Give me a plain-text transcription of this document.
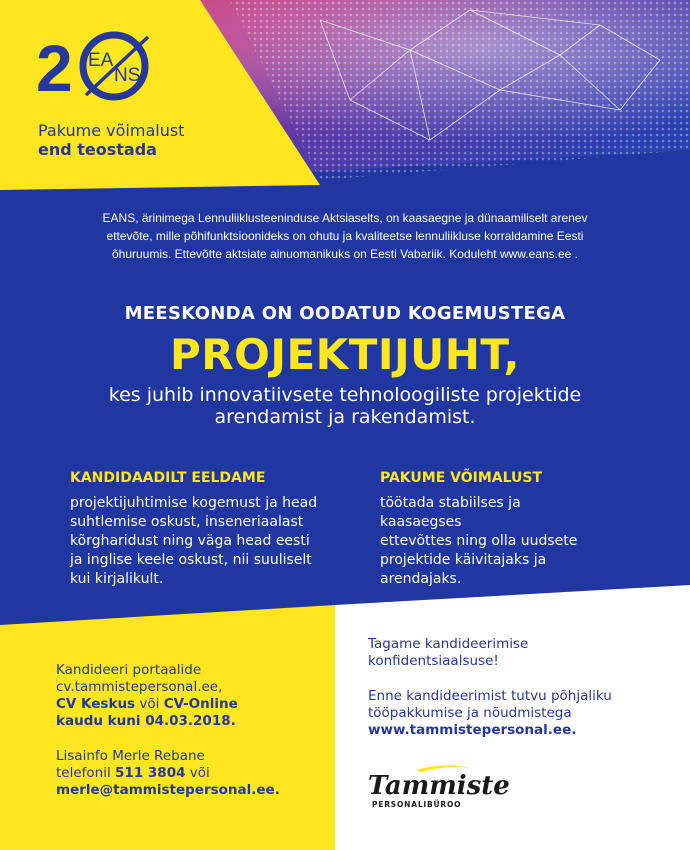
2 EA
NS
Pakume võimalust
end teostada
EANS, ärinimega Lennuliiklusteeninduse Aktsiaselts, on kaasaegne ja dünaamiliselt arenev
ettevõte, mille põhifunktsioonideks on ohutu ja kvaliteetse lennuliikluse korraldamine Eesti
õhuruumis. Ettevõtte aktsiate ainuomanikuks on Eesti Vabariik. Koduleht www.eans.ee .
MEESKONDA ON OODATUD KOGEMUSTEGA
PROJEKTIJUHT,
kes juhib innovatiivsete tehnoloogiliste projektide
arendamist ja rakendamist.
KANDIDAADILT EELDAME
projektijuhtimise kogemust ja head
suhtlemise oskust, inseneriaalast
kõrgharidust ning väga head eesti
ja inglise keele oskust, nii suuliselt
kui kirjalikult.
PAKUME VÕIMALUST
töötada stabiilses ja kaasaegses
ettevõttes ning olla uudsete
projektide käivitajaks ja
arendajaks.
Kandideeri portaalide
cv.tammistepersonal.ee,
CV Keskus või CV-Online
kaudu kuni 04.03.2018.
Lisainfo Merle Rebane
telefonil 511 3804 või
merle@tammistepersonal.ee.
Tagame kandideerimise
konfidentsiaalsuse!
Enne kandideerimist tutvu põhjaliku
tööpakkumise ja nõudmistega
www.tammistepersonal.ee.
Tammiste
PERSONALIBÜROO
